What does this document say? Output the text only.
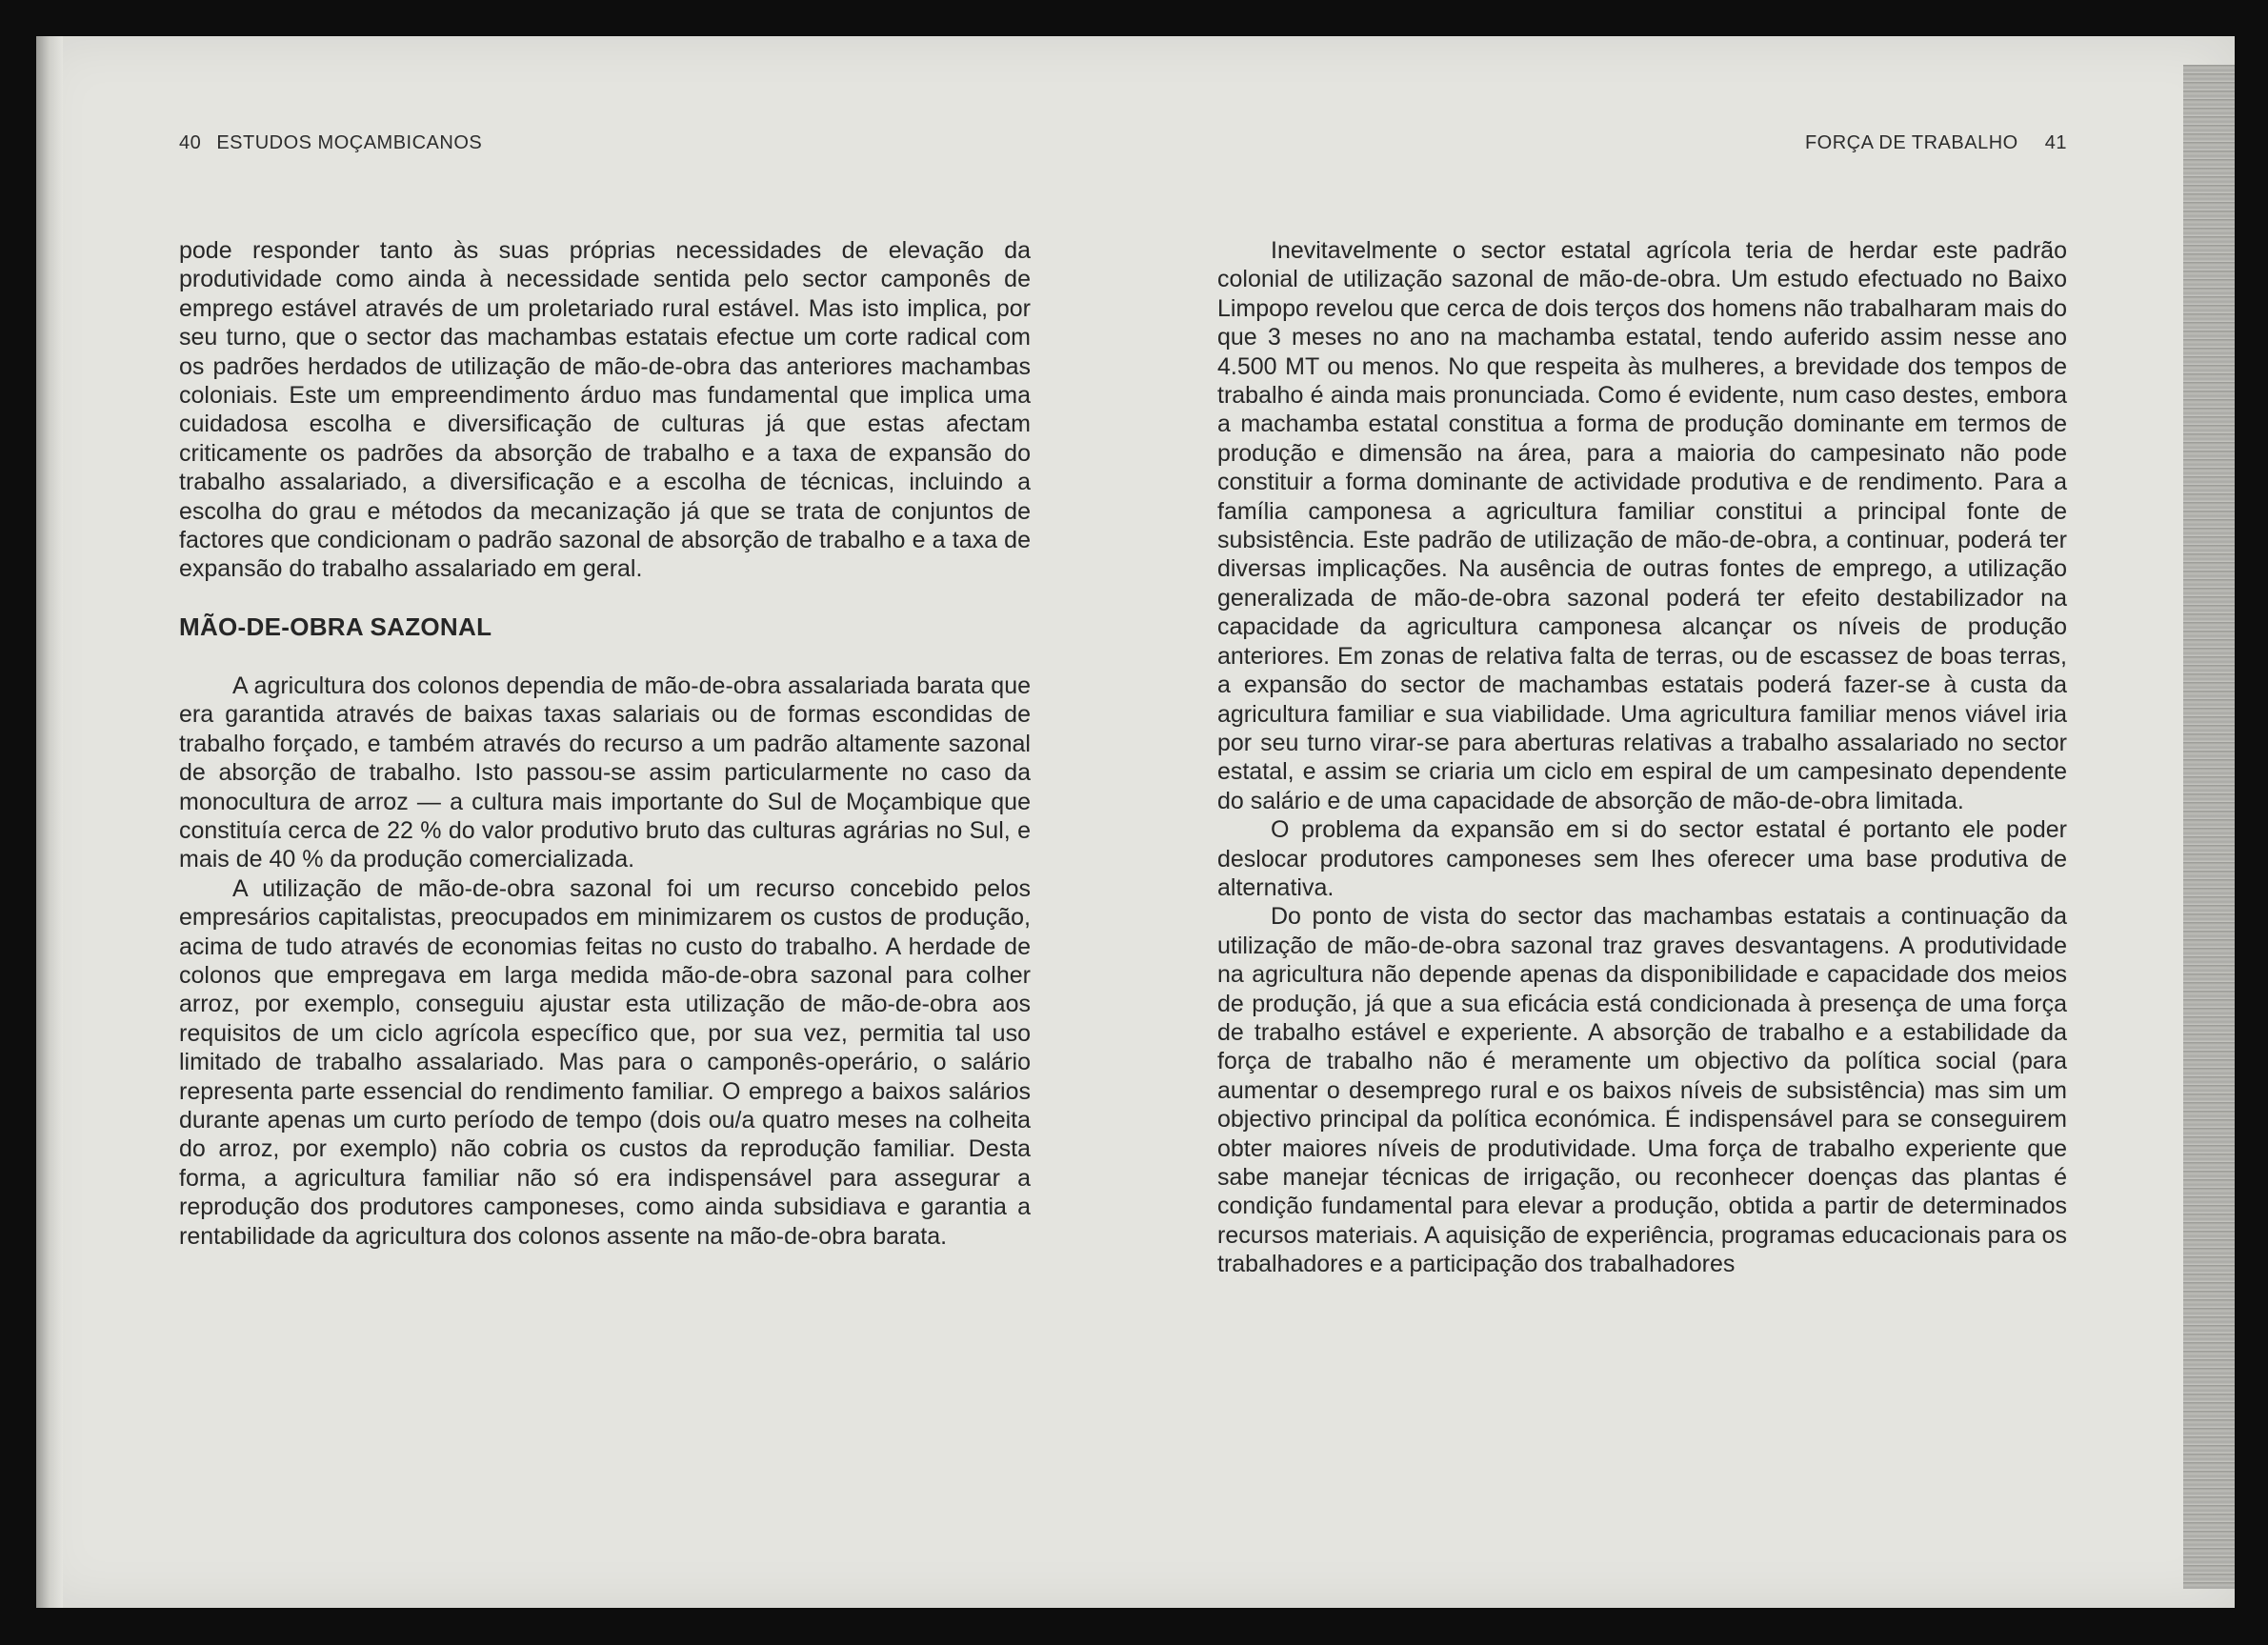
40 ESTUDOS MOÇAMBICANOS

pode responder tanto às suas próprias necessidades de elevação da produtividade como ainda à necessidade sentida pelo sector camponês de emprego estável através de um proletariado rural estável. Mas isto implica, por seu turno, que o sector das machambas estatais efectue um corte radical com os padrões herdados de utilização de mão-de-obra das anteriores machambas coloniais. Este um empreendimento árduo mas fundamental que implica uma cuidadosa escolha e diversificação de culturas já que estas afectam criticamente os padrões da absorção de trabalho e a taxa de expansão do trabalho assalariado, a diversificação e a escolha de técnicas, incluindo a escolha do grau e métodos da mecanização já que se trata de conjuntos de factores que condicionam o padrão sazonal de absorção de trabalho e a taxa de expansão do trabalho assalariado em geral.

MÃO-DE-OBRA SAZONAL

A agricultura dos colonos dependia de mão-de-obra assalariada barata que era garantida através de baixas taxas salariais ou de formas escondidas de trabalho forçado, e também através do recurso a um padrão altamente sazonal de absorção de trabalho. Isto passou-se assim particularmente no caso da monocultura de arroz — a cultura mais importante do Sul de Moçambique que constituía cerca de 22 % do valor produtivo bruto das culturas agrárias no Sul, e mais de 40 % da produção comercializada.

A utilização de mão-de-obra sazonal foi um recurso concebido pelos empresários capitalistas, preocupados em minimizarem os custos de produção, acima de tudo através de economias feitas no custo do trabalho. A herdade de colonos que empregava em larga medida mão-de-obra sazonal para colher arroz, por exemplo, conseguiu ajustar esta utilização de mão-de-obra aos requisitos de um ciclo agrícola específico que, por sua vez, permitia tal uso limitado de trabalho assalariado. Mas para o camponês-operário, o salário representa parte essencial do rendimento familiar. O emprego a baixos salários durante apenas um curto período de tempo (dois ou/a quatro meses na colheita do arroz, por exemplo) não cobria os custos da reprodução familiar. Desta forma, a agricultura familiar não só era indispensável para assegurar a reprodução dos produtores camponeses, como ainda subsidiava e garantia a rentabilidade da agricultura dos colonos assente na mão-de-obra barata.

FORÇA DE TRABALHO 41

Inevitavelmente o sector estatal agrícola teria de herdar este padrão colonial de utilização sazonal de mão-de-obra. Um estudo efectuado no Baixo Limpopo revelou que cerca de dois terços dos homens não trabalharam mais do que 3 meses no ano na machamba estatal, tendo auferido assim nesse ano 4.500 MT ou menos. No que respeita às mulheres, a brevidade dos tempos de trabalho é ainda mais pronunciada. Como é evidente, num caso destes, embora a machamba estatal constitua a forma de produção dominante em termos de produção e dimensão na área, para a maioria do campesinato não pode constituir a forma dominante de actividade produtiva e de rendimento. Para a família camponesa a agricultura familiar constitui a principal fonte de subsistência. Este padrão de utilização de mão-de-obra, a continuar, poderá ter diversas implicações. Na ausência de outras fontes de emprego, a utilização generalizada de mão-de-obra sazonal poderá ter efeito destabilizador na capacidade da agricultura camponesa alcançar os níveis de produção anteriores. Em zonas de relativa falta de terras, ou de escassez de boas terras, a expansão do sector de machambas estatais poderá fazer-se à custa da agricultura familiar e sua viabilidade. Uma agricultura familiar menos viável iria por seu turno virar-se para aberturas relativas a trabalho assalariado no sector estatal, e assim se criaria um ciclo em espiral de um campesinato dependente do salário e de uma capacidade de absorção de mão-de-obra limitada.

O problema da expansão em si do sector estatal é portanto ele poder deslocar produtores camponeses sem lhes oferecer uma base produtiva de alternativa.

Do ponto de vista do sector das machambas estatais a continuação da utilização de mão-de-obra sazonal traz graves desvantagens. A produtividade na agricultura não depende apenas da disponibilidade e capacidade dos meios de produção, já que a sua eficácia está condicionada à presença de uma força de trabalho estável e experiente. A absorção de trabalho e a estabilidade da força de trabalho não é meramente um objectivo da política social (para aumentar o desemprego rural e os baixos níveis de subsistência) mas sim um objectivo principal da política económica. É indispensável para se conseguirem obter maiores níveis de produtividade. Uma força de trabalho experiente que sabe manejar técnicas de irrigação, ou reconhecer doenças das plantas é condição fundamental para elevar a produção, obtida a partir de determinados recursos materiais. A aquisição de experiência, programas educacionais para os trabalhadores e a participação dos trabalhadores
